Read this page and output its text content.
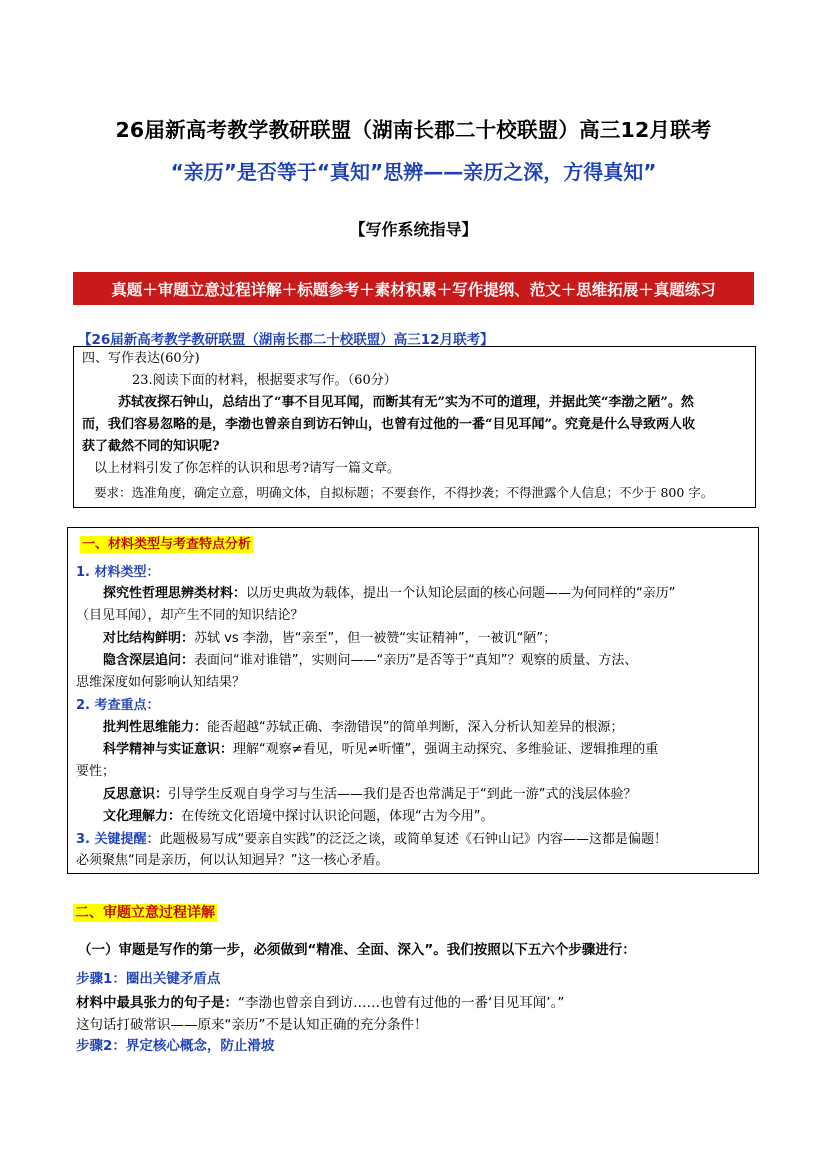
26届新高考教学教研联盟（湖南长郡二十校联盟）高三12月联考
“亲历”是否等于“真知”思辨——亲历之深，方得真知”
【写作系统指导】
真题＋审题立意过程详解＋标题参考＋素材积累＋写作提纲、范文＋思维拓展＋真题练习
【26届新高考教学教研联盟（湖南长郡二十校联盟）高三12月联考】
四、写作表达(60分)
23.阅读下面的材料，根据要求写作。（60分）
苏轼夜探石钟山，总结出了“事不目见耳闻，而断其有无”实为不可的道理，并据此笑“李渤之陋”。然
而，我们容易忽略的是，李渤也曾亲自到访石钟山，也曾有过他的一番“目见耳闻”。究竟是什么导致两人收
获了截然不同的知识呢?
以上材料引发了你怎样的认识和思考?请写一篇文章。
要求：选准角度，确定立意，明确文体，自拟标题；不要套作，不得抄袭；不得泄露个人信息；不少于 800 字。
一、材料类型与考查特点分析
1. 材料类型：
探究性哲理思辨类材料：以历史典故为载体，提出一个认知论层面的核心问题——为何同样的“亲历”
（目见耳闻），却产生不同的知识结论？
对比结构鲜明：苏轼 vs 李渤，皆“亲至”，但一被赞“实证精神”，一被讥“陋”；
隐含深层追问：表面问“谁对谁错”，实则问——“亲历”是否等于“真知”？观察的质量、方法、
思维深度如何影响认知结果？
2. 考查重点：
批判性思维能力：能否超越“苏轼正确、李渤错误”的简单判断，深入分析认知差异的根源；
科学精神与实证意识：理解“观察≠看见，听见≠听懂”，强调主动探究、多维验证、逻辑推理的重
要性；
反思意识：引导学生反观自身学习与生活——我们是否也常满足于“到此一游”式的浅层体验？
文化理解力：在传统文化语境中探讨认识论问题，体现“古为今用”。
3. 关键提醒：此题极易写成“要亲自实践”的泛泛之谈，或简单复述《石钟山记》内容——这都是偏题！
必须聚焦“同是亲历，何以认知迥异？”这一核心矛盾。
二、审题立意过程详解
（一）审题是写作的第一步，必须做到“精准、全面、深入”。我们按照以下五六个步骤进行：
步骤1：圈出关键矛盾点
材料中最具张力的句子是：“李渤也曾亲自到访……也曾有过他的一番‘目见耳闻’。”
这句话打破常识——原来“亲历”不是认知正确的充分条件！
步骤2：界定核心概念，防止滑坡
